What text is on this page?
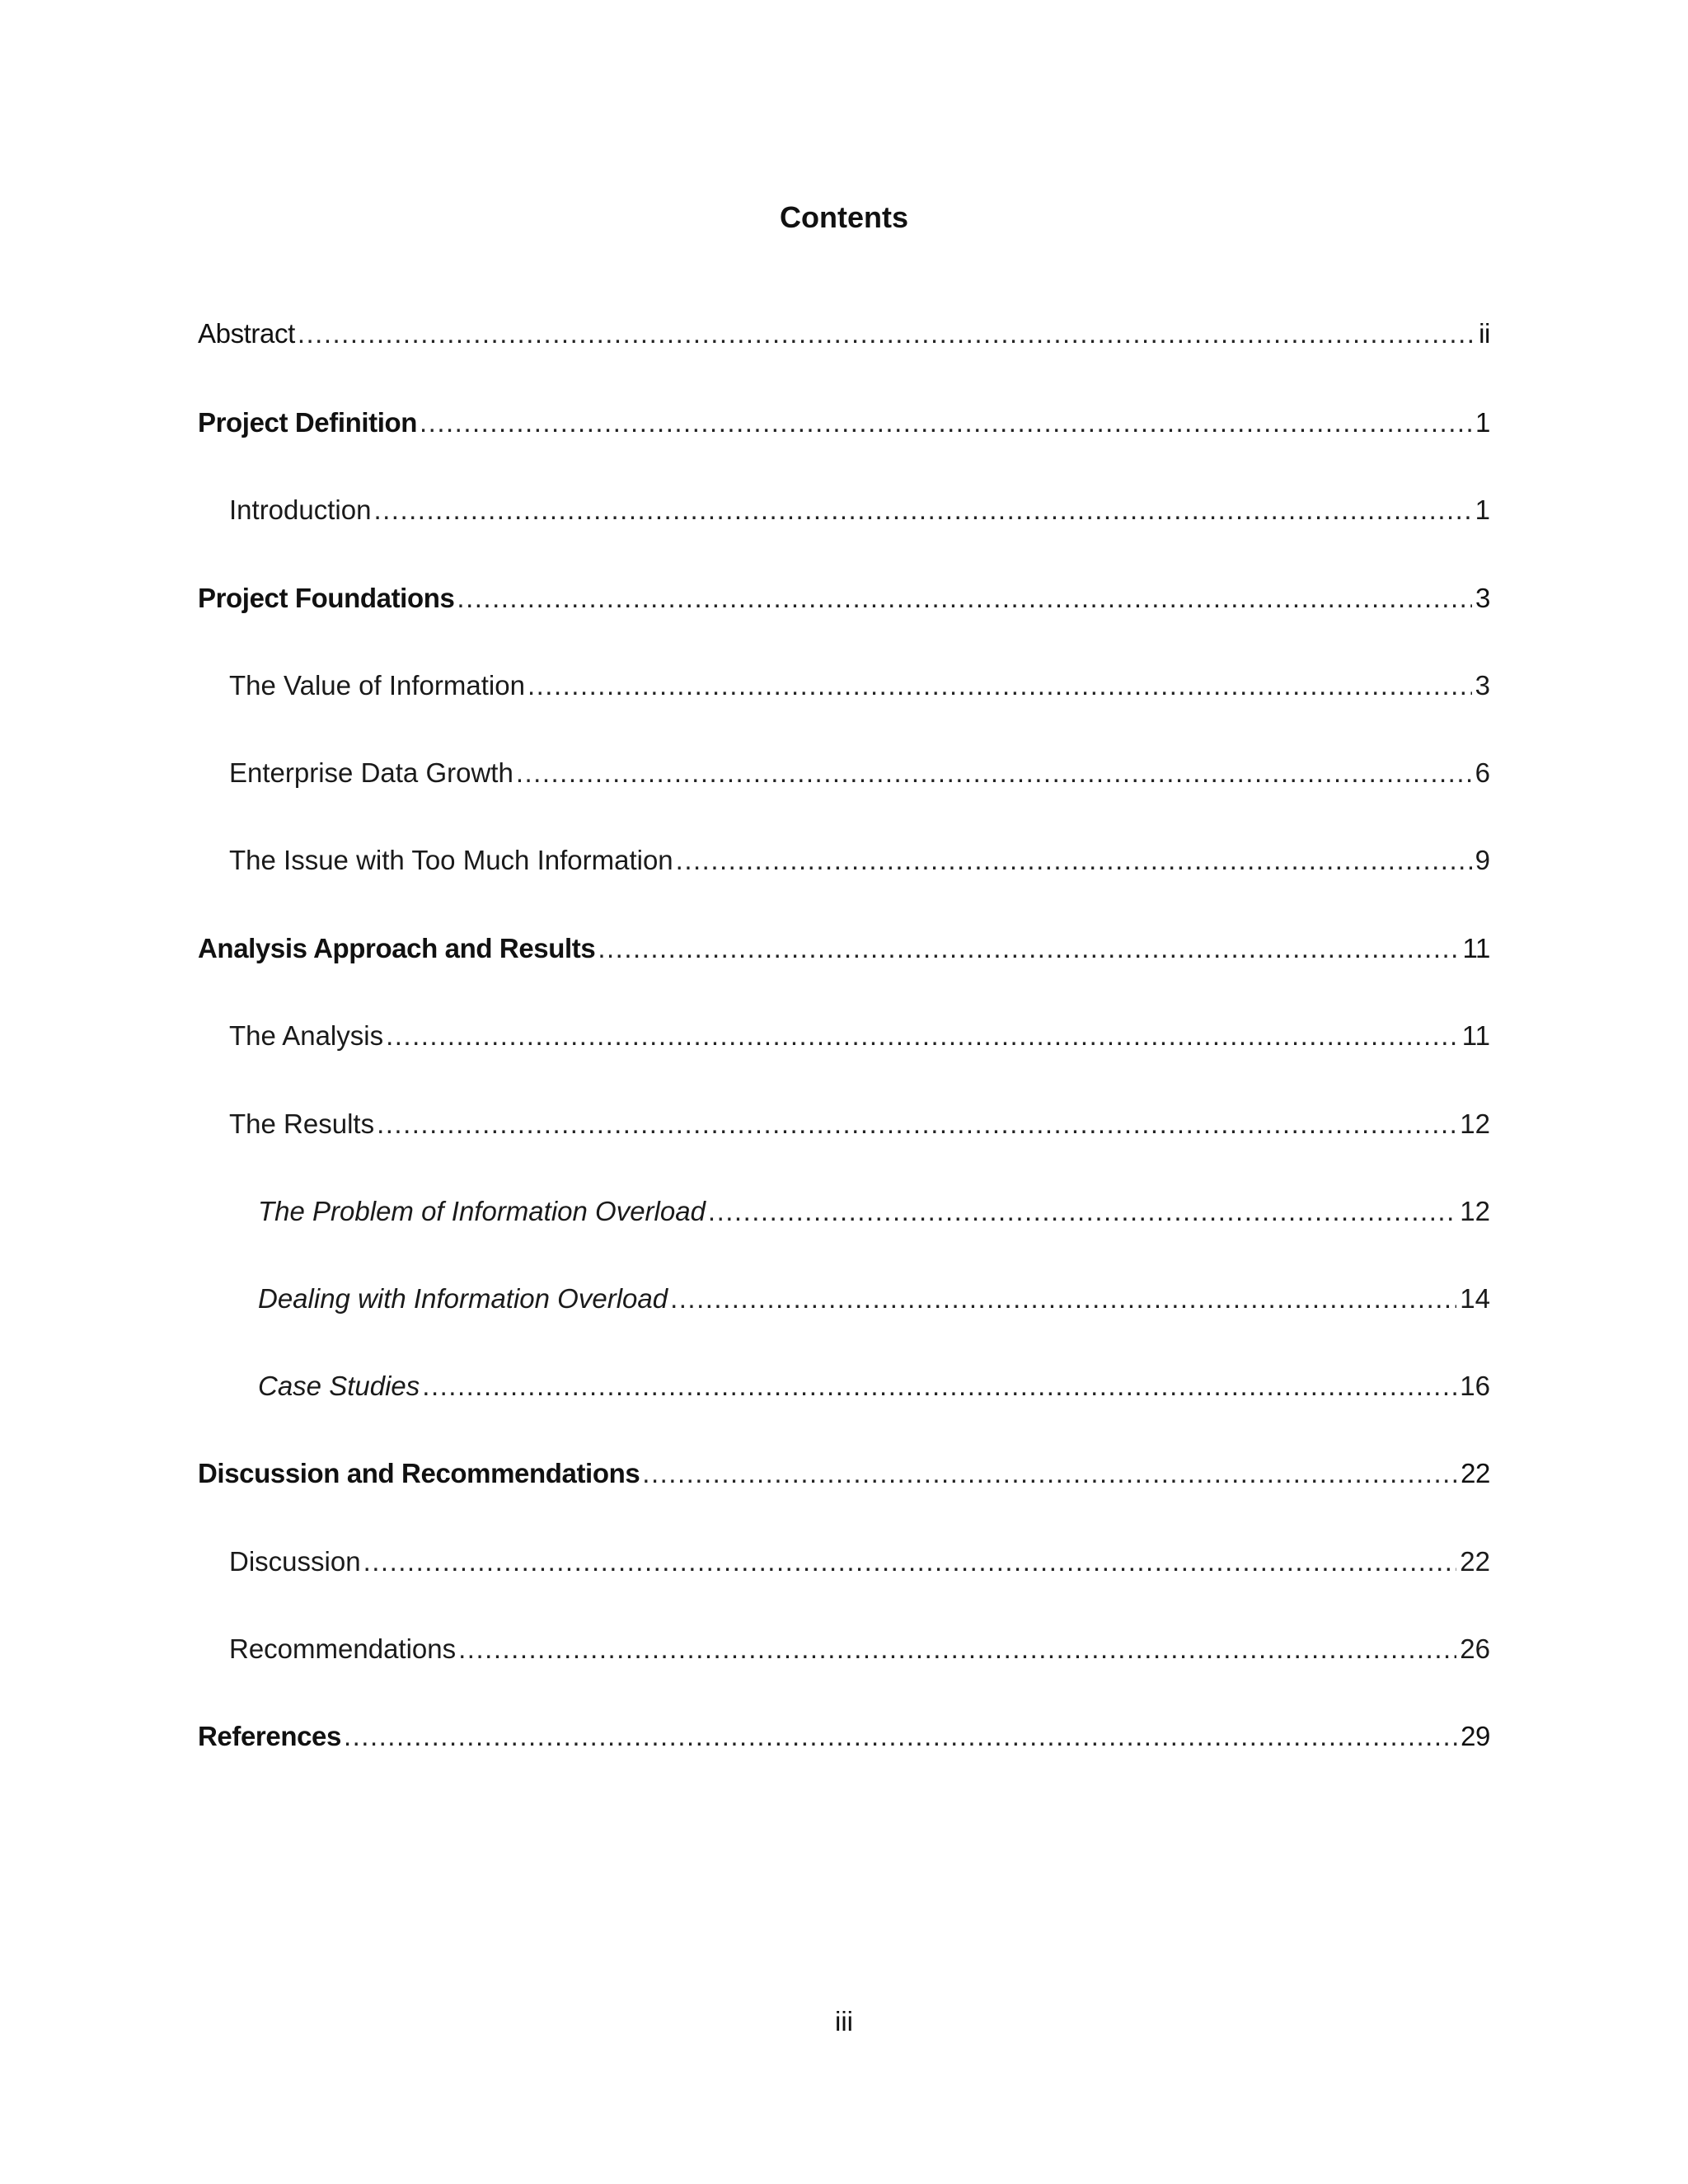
Contents
Abstract .....	ii
Project Definition .....	1
Introduction .....	1
Project Foundations .....	3
The Value of Information .....	3
Enterprise Data Growth .....	6
The Issue with Too Much Information .....	9
Analysis Approach and Results .....	11
The Analysis .....	11
The Results .....	12
The Problem of Information Overload .....	12
Dealing with Information Overload .....	14
Case Studies .....	16
Discussion and Recommendations .....	22
Discussion .....	22
Recommendations .....	26
References .....	29
iii
